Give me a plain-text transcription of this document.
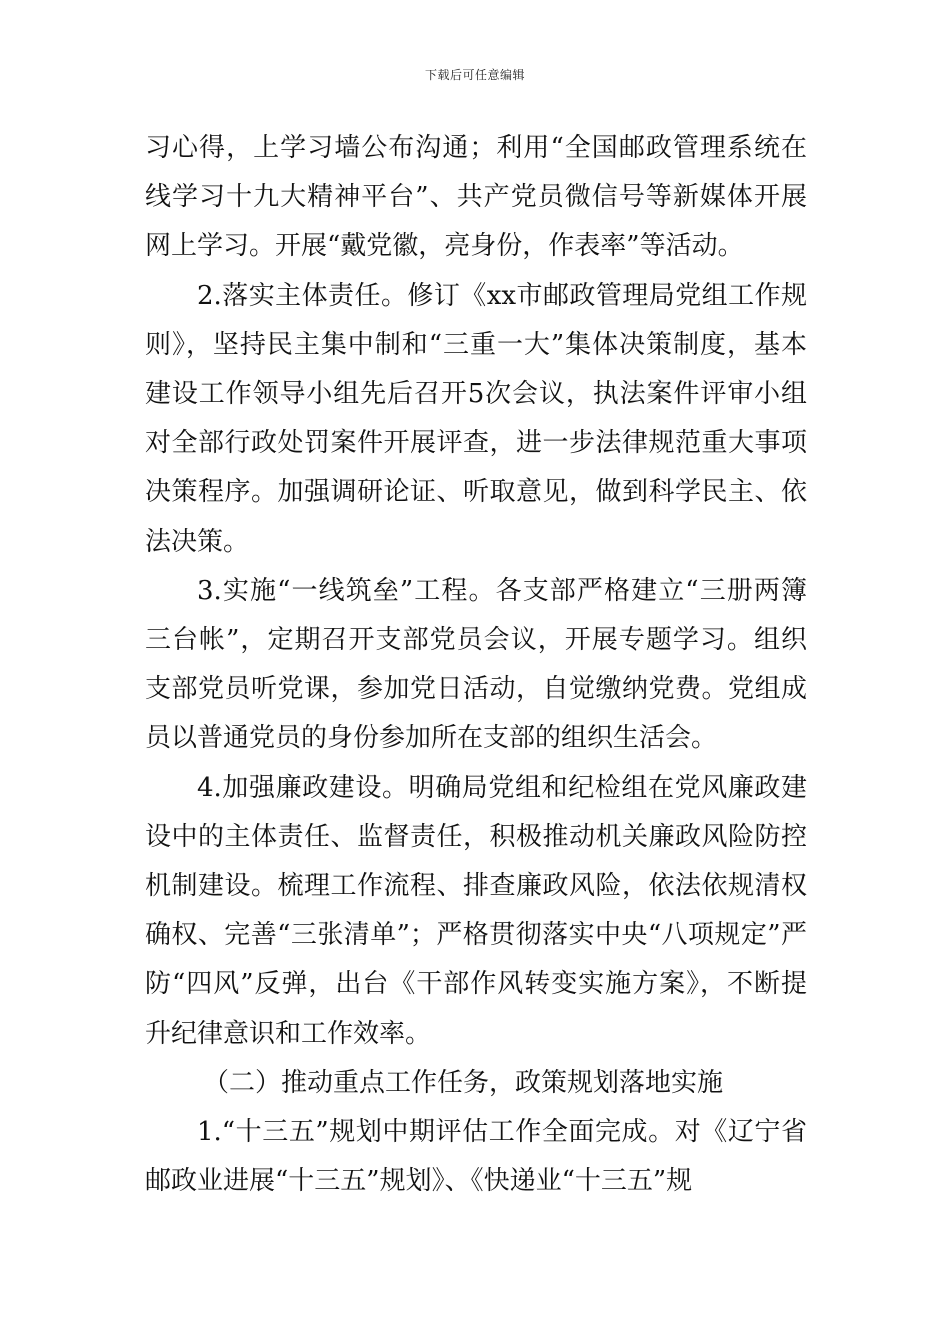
下载后可任意编辑

习心得，上学习墙公布沟通；利用“全国邮政管理系统在线学习十九大精神平台”、共产党员微信号等新媒体开展网上学习。开展“戴党徽，亮身份，作表率”等活动。

2.落实主体责任。修订《xx市邮政管理局党组工作规则》，坚持民主集中制和“三重一大”集体决策制度，基本建设工作领导小组先后召开5次会议，执法案件评审小组对全部行政处罚案件开展评查，进一步法律规范重大事项决策程序。加强调研论证、听取意见，做到科学民主、依法决策。

3.实施“一线筑垒”工程。各支部严格建立“三册两簿三台帐”，定期召开支部党员会议，开展专题学习。组织支部党员听党课，参加党日活动，自觉缴纳党费。党组成员以普通党员的身份参加所在支部的组织生活会。

4.加强廉政建设。明确局党组和纪检组在党风廉政建设中的主体责任、监督责任，积极推动机关廉政风险防控机制建设。梳理工作流程、排查廉政风险，依法依规清权确权、完善“三张清单”；严格贯彻落实中央“八项规定”严防“四风”反弹，出台《干部作风转变实施方案》，不断提升纪律意识和工作效率。

（二）推动重点工作任务，政策规划落地实施

1.“十三五”规划中期评估工作全面完成。对《辽宁省邮政业进展“十三五”规划》、《快递业“十三五”规
